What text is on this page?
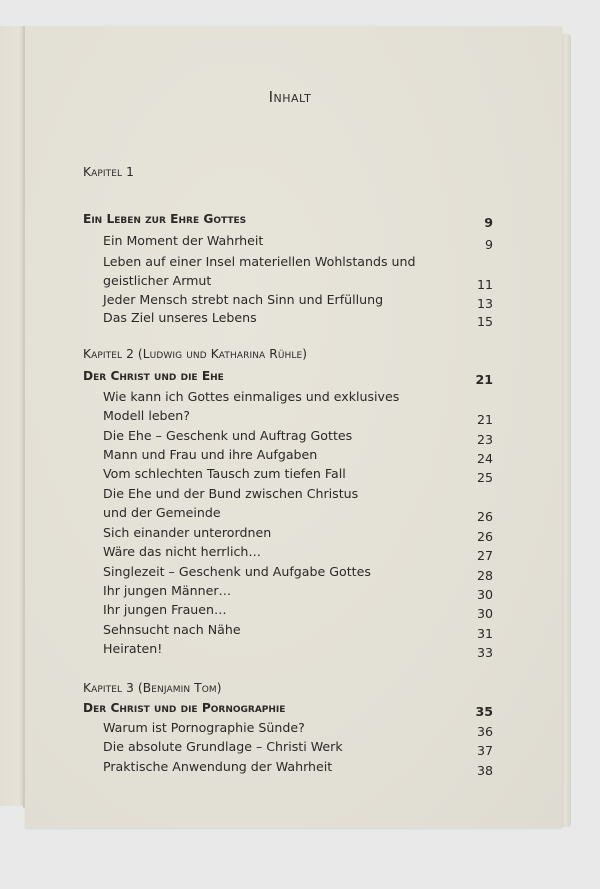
Inhalt
Kapitel 1
Ein Leben zur Ehre Gottes	9
Ein Moment der Wahrheit	9
Leben auf einer Insel materiellen Wohlstands und
geistlicher Armut	11
Jeder Mensch strebt nach Sinn und Erfüllung	13
Das Ziel unseres Lebens	15
Kapitel 2 (Ludwig und Katharina Rühle)
Der Christ und die Ehe	21
Wie kann ich Gottes einmaliges und exklusives
Modell leben?	21
Die Ehe – Geschenk und Auftrag Gottes	23
Mann und Frau und ihre Aufgaben	24
Vom schlechten Tausch zum tiefen Fall	25
Die Ehe und der Bund zwischen Christus
und der Gemeinde	26
Sich einander unterordnen	26
Wäre das nicht herrlich…	27
Singlezeit – Geschenk und Aufgabe Gottes	28
Ihr jungen Männer…	30
Ihr jungen Frauen…	30
Sehnsucht nach Nähe	31
Heiraten!	33
Kapitel 3 (Benjamin Tom)
Der Christ und die Pornographie	35
Warum ist Pornographie Sünde?	36
Die absolute Grundlage – Christi Werk	37
Praktische Anwendung der Wahrheit	38
